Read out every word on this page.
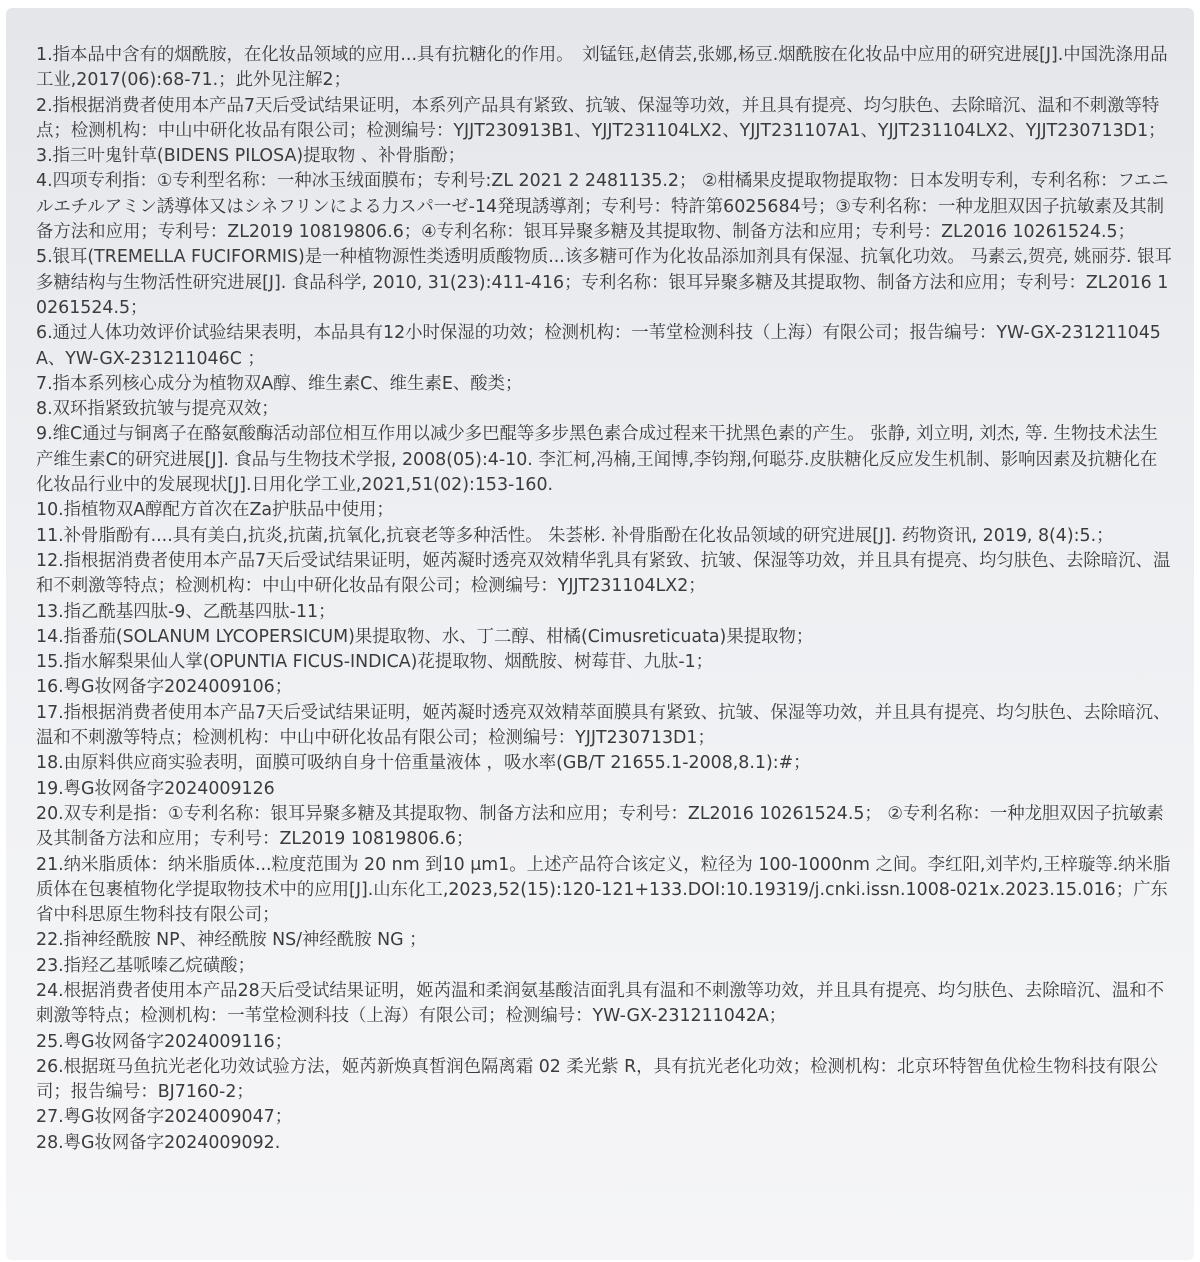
1.指本品中含有的烟酰胺，在化妆品领域的应用...具有抗糖化的作用。　刘锰钰,赵倩芸,张娜,杨豆.烟酰胺在化妆品中应用的研究进展[J].中国洗涤用品工业,2017(06):68-71.；此外见注解2；
2.指根据消费者使用本产品7天后受试结果证明，本系列产品具有紧致、抗皱、保湿等功效，并且具有提亮、均匀肤色、去除暗沉、温和不刺激等特点；检测机构：中山中研化妆品有限公司；检测编号：YJJT230913B1、YJJT231104LX2、YJJT231107A1、YJJT231104LX2、YJJT230713D1；
3.指三叶鬼针草(BIDENS PILOSA)提取物 、补骨脂酚；
4.四项专利指：①专利型名称：一种冰玉绒面膜布；专利号:ZL 2021 2 2481135.2； ②柑橘果皮提取物提取物：日本发明专利，专利名称：フエニルエチルアミン誘導体又はシネフリンによる力スパ一ゼ-14発現誘導剤；专利号：特許第6025684号；③专利名称：一种龙胆双因子抗敏素及其制备方法和应用；专利号：ZL2019 10819806.6；④专利名称：银耳异聚多糖及其提取物、制备方法和应用；专利号：ZL2016 10261524.5；
5.银耳(TREMELLA FUCIFORMIS)是一种植物源性类透明质酸物质...该多糖可作为化妆品添加剂具有保湿、抗氧化功效。 马素云,贺亮, 姚丽芬. 银耳多糖结构与生物活性研究进展[J]. 食品科学, 2010, 31(23):411-416；专利名称：银耳异聚多糖及其提取物、制备方法和应用；专利号：ZL2016 10261524.5；
6.通过人体功效评价试验结果表明，本品具有12小时保湿的功效；检测机构：一苇堂检测科技（上海）有限公司；报告编号：YW-GX-231211045A、YW-GX-231211046C ；
7.指本系列核心成分为植物双A醇、维生素C、维生素E、酸类；
8.双环指紧致抗皱与提亮双效；
9.维C通过与铜离子在酪氨酸酶活动部位相互作用以减少多巴醌等多步黑色素合成过程来干扰黑色素的产生。 张静, 刘立明, 刘杰, 等. 生物技术法生产维生素C的研究进展[J]. 食品与生物技术学报, 2008(05):4-10. 李汇柯,冯楠,王闻博,李钧翔,何聪芬.皮肤糖化反应发生机制、影响因素及抗糖化在化妆品行业中的发展现状[J].日用化学工业,2021,51(02):153-160.
10.指植物双A醇配方首次在Za护肤品中使用；
11.补骨脂酚有....具有美白,抗炎,抗菌,抗氧化,抗衰老等多种活性。 朱荟彬. 补骨脂酚在化妆品领域的研究进展[J]. 药物资讯, 2019, 8(4):5.；
12.指根据消费者使用本产品7天后受试结果证明，姬芮凝时透亮双效精华乳具有紧致、抗皱、保湿等功效，并且具有提亮、均匀肤色、去除暗沉、温和不刺激等特点；检测机构：中山中研化妆品有限公司；检测编号：YJJT231104LX2；
13.指乙酰基四肽-9、乙酰基四肽-11；
14.指番茄(SOLANUM LYCOPERSICUM)果提取物、水、丁二醇、柑橘(Cimusreticuata)果提取物；
15.指水解梨果仙人掌(OPUNTIA FICUS-INDICA)花提取物、烟酰胺、树莓苷、九肽-1；
16.粤G妆网备字2024009106；
17.指根据消费者使用本产品7天后受试结果证明，姬芮凝时透亮双效精萃面膜具有紧致、抗皱、保湿等功效，并且具有提亮、均匀肤色、去除暗沉、温和不刺激等特点；检测机构：中山中研化妆品有限公司；检测编号：YJJT230713D1；
18.由原料供应商实验表明，面膜可吸纳自身十倍重量液体 ，吸水率(GB/T 21655.1-2008,8.1):#；
19.粤G妆网备字2024009126
20.双专利是指：①专利名称：银耳异聚多糖及其提取物、制备方法和应用；专利号：ZL2016 10261524.5； ②专利名称：一种龙胆双因子抗敏素及其制备方法和应用；专利号：ZL2019 10819806.6；
21.纳米脂质体：纳米脂质体...粒度范围为 20 nm 到10 μm1。上述产品符合该定义，粒径为 100-1000nm 之间。李红阳,刘芊灼,王梓璇等.纳米脂质体在包裹植物化学提取物技术中的应用[J].山东化工,2023,52(15):120-121+133.DOI:10.19319/j.cnki.issn.1008-021x.2023.15.016；广东省中科思原生物科技有限公司；
22.指神经酰胺 NP、神经酰胺 NS/神经酰胺 NG ；
23.指羟乙基哌嗪乙烷磺酸；
24.根据消费者使用本产品28天后受试结果证明，姬芮温和柔润氨基酸洁面乳具有温和不刺激等功效，并且具有提亮、均匀肤色、去除暗沉、温和不刺激等特点；检测机构：一苇堂检测科技（上海）有限公司；检测编号：YW-GX-231211042A；
25.粤G妆网备字2024009116；
26.根据斑马鱼抗光老化功效试验方法，姬芮新焕真皙润色隔离霜 02 柔光紫 R，具有抗光老化功效；检测机构：北京环特智鱼优检生物科技有限公司；报告编号：BJ7160-2；
27.粤G妆网备字2024009047；
28.粤G妆网备字2024009092.
